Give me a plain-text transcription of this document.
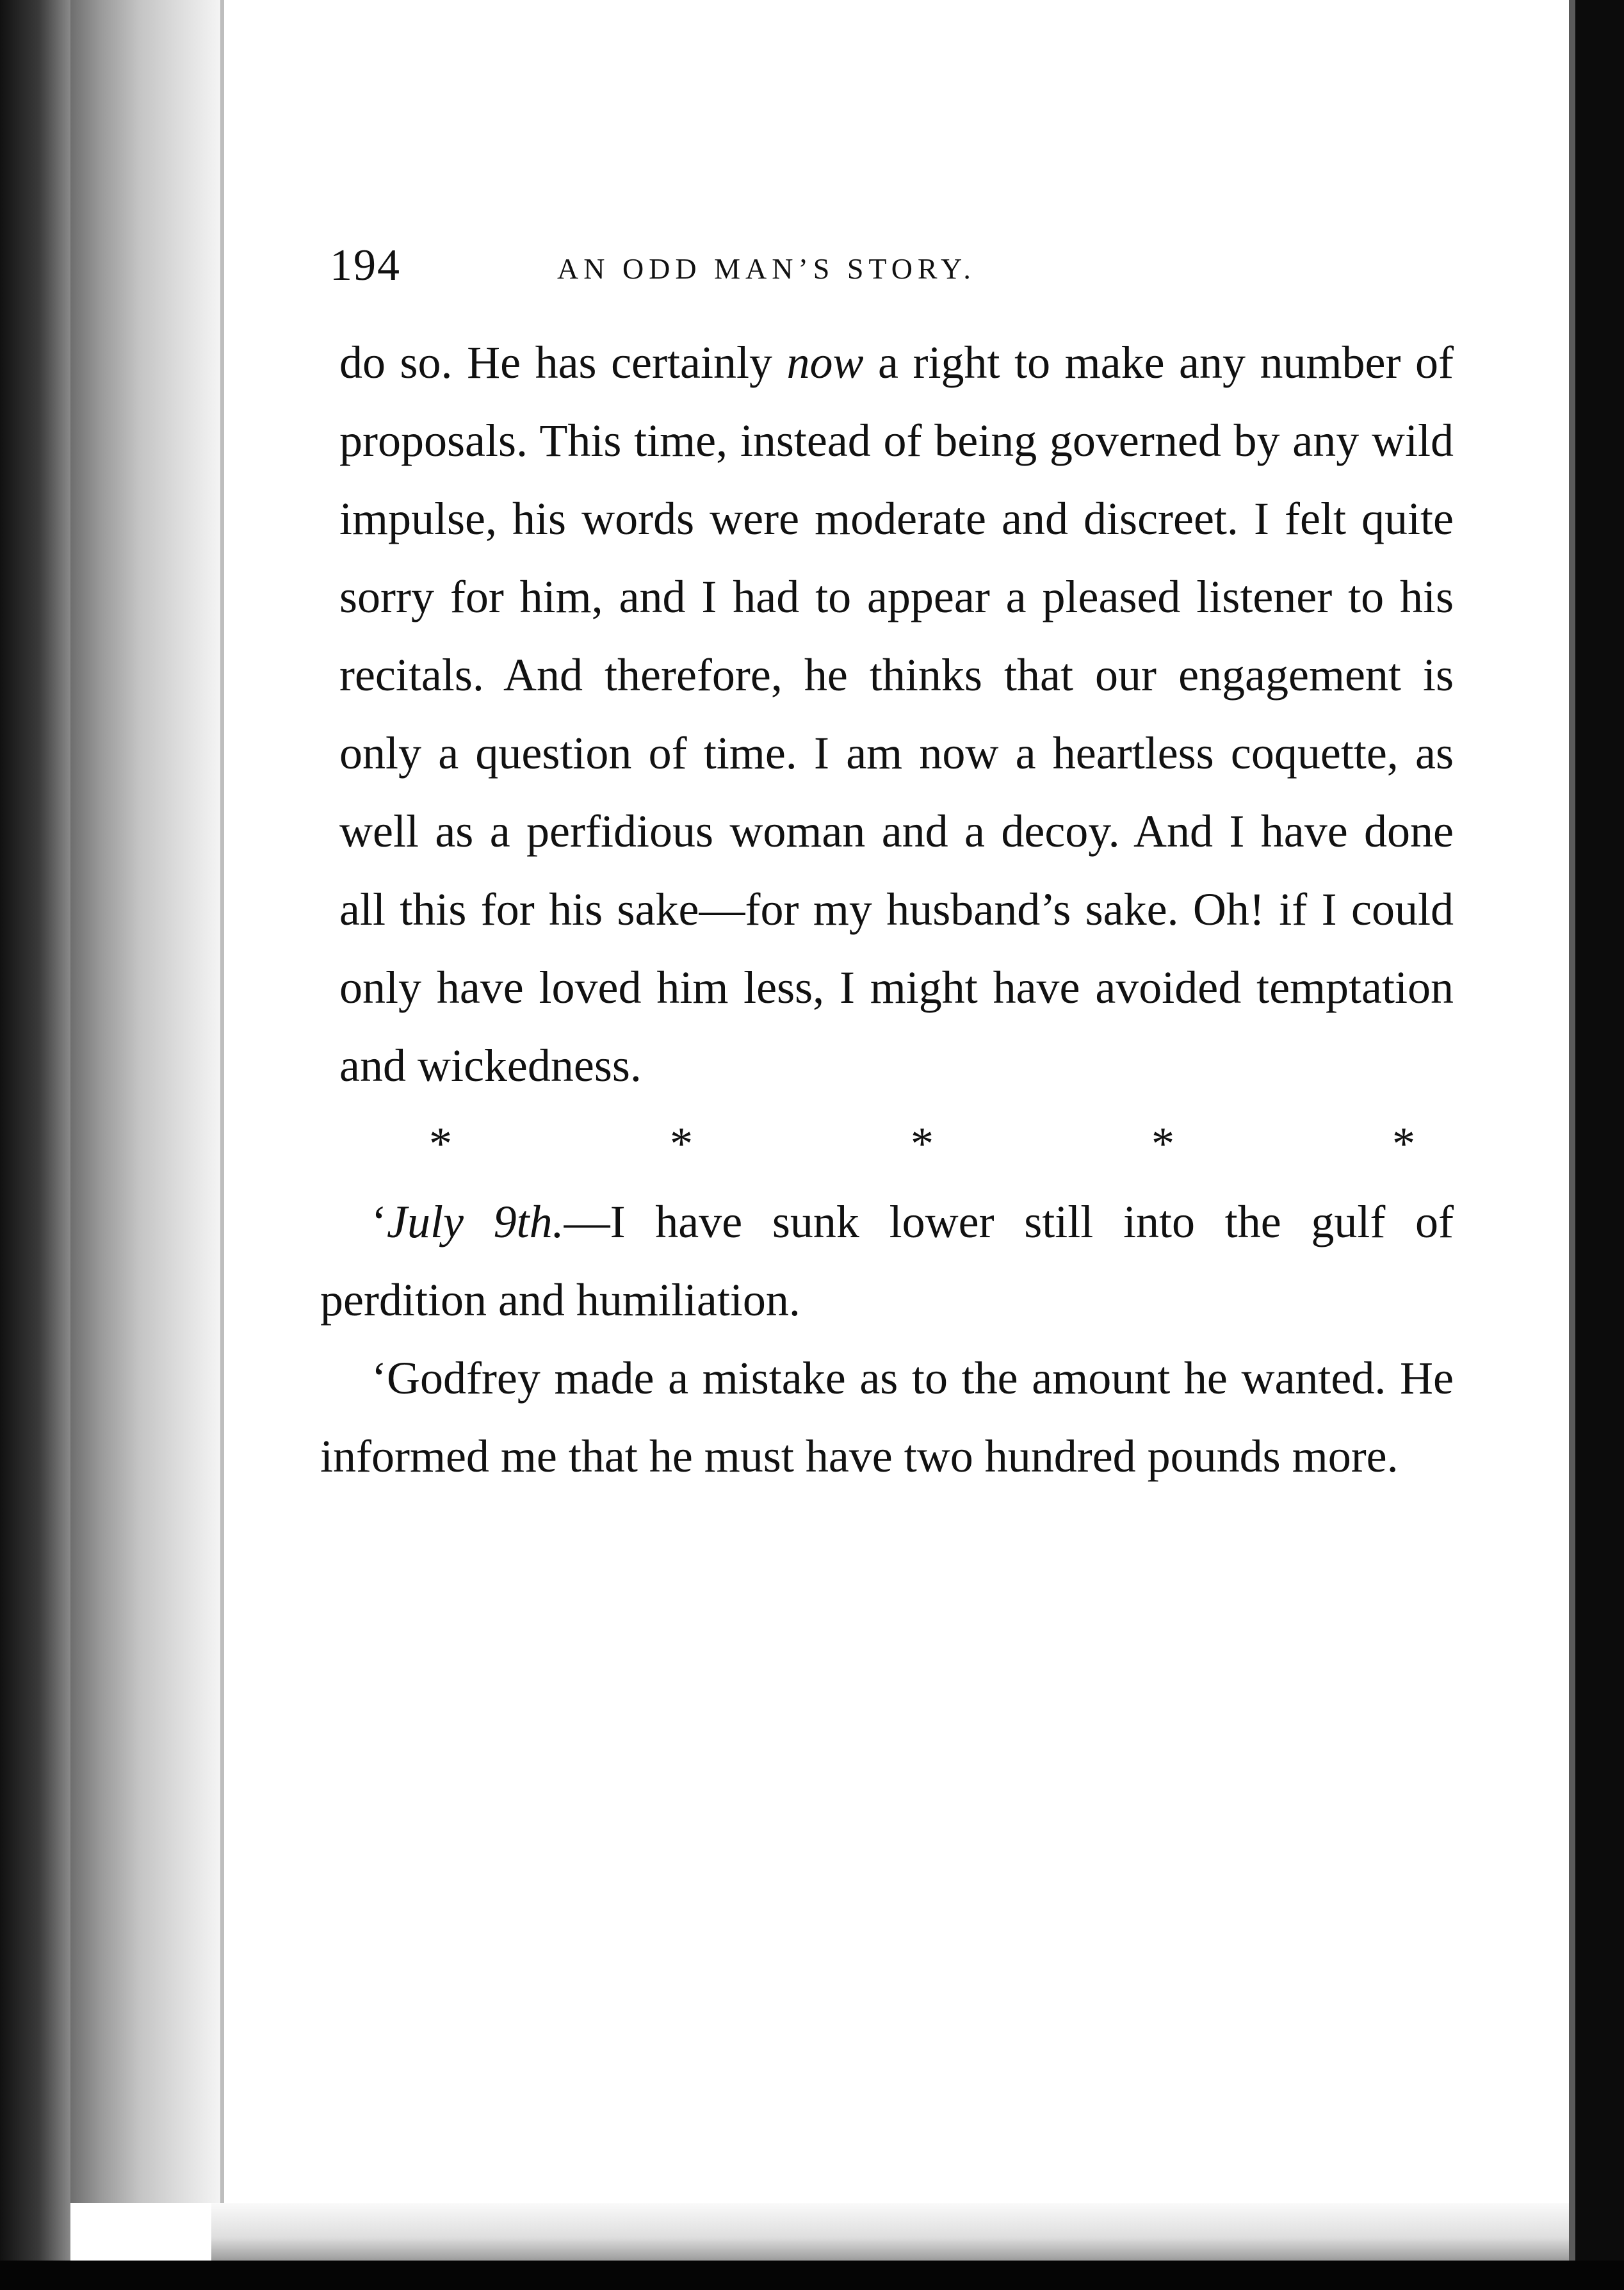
194	AN ODD MAN’S STORY.

do so. He has certainly now a right to make any number of proposals. This time, instead of being governed by any wild impulse, his words were moderate and discreet. I felt quite sorry for him, and I had to appear a pleased listener to his recitals. And therefore, he thinks that our engagement is only a question of time. I am now a heartless coquette, as well as a perfidious woman and a decoy. And I have done all this for his sake—for my husband’s sake. Oh! if I could only have loved him less, I might have avoided temptation and wickedness.

*	*	*	*	*

‘July 9th.—I have sunk lower still into the gulf of perdition and humiliation.

‘Godfrey made a mistake as to the amount he wanted. He informed me that he must have two hundred pounds more.
